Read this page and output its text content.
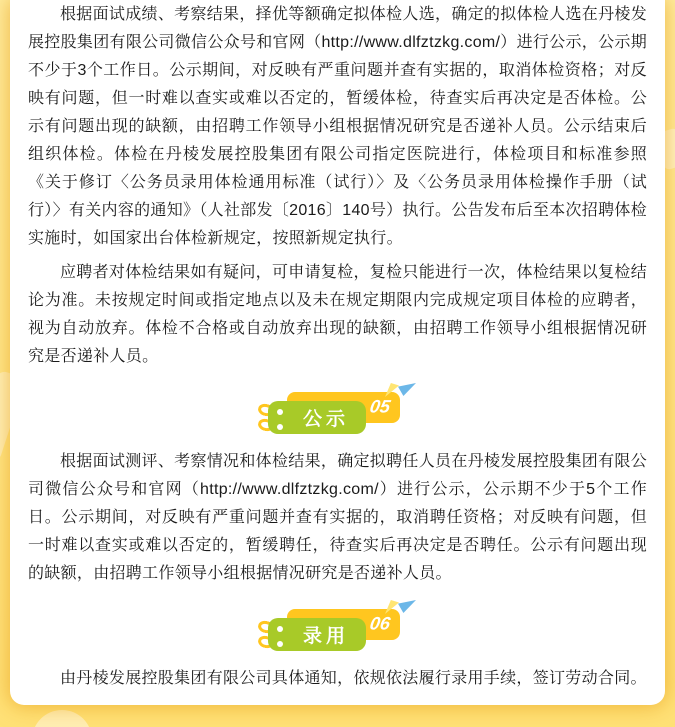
根据面试成绩、考察结果，择优等额确定拟体检人选，确定的拟体检人选在丹棱发展控股集团有限公司微信公众号和官网（http://www.dlfztzkg.com/）进行公示，公示期不少于3个工作日。公示期间，对反映有严重问题并查有实据的，取消体检资格；对反映有问题，但一时难以查实或难以否定的，暂缓体检，待查实后再决定是否体检。公示有问题出现的缺额，由招聘工作领导小组根据情况研究是否递补人员。公示结束后组织体检。体检在丹棱发展控股集团有限公司指定医院进行，体检项目和标准参照《关于修订〈公务员录用体检通用标准（试行）〉及〈公务员录用体检操作手册（试行）〉有关内容的通知》（人社部发〔2016〕140号）执行。公告发布后至本次招聘体检实施时，如国家出台体检新规定，按照新规定执行。

应聘者对体检结果如有疑问，可申请复检，复检只能进行一次，体检结果以复检结论为准。未按规定时间或指定地点以及未在规定期限内完成规定项目体检的应聘者，视为自动放弃。体检不合格或自动放弃出现的缺额，由招聘工作领导小组根据情况研究是否递补人员。

05
公示

根据面试测评、考察情况和体检结果，确定拟聘任人员在丹棱发展控股集团有限公司微信公众号和官网（http://www.dlfztzkg.com/）进行公示，公示期不少于5个工作日。公示期间，对反映有严重问题并查有实据的，取消聘任资格；对反映有问题，但一时难以查实或难以否定的，暂缓聘任，待查实后再决定是否聘任。公示有问题出现的缺额，由招聘工作领导小组根据情况研究是否递补人员。

06
录用

由丹棱发展控股集团有限公司具体通知，依规依法履行录用手续，签订劳动合同。
